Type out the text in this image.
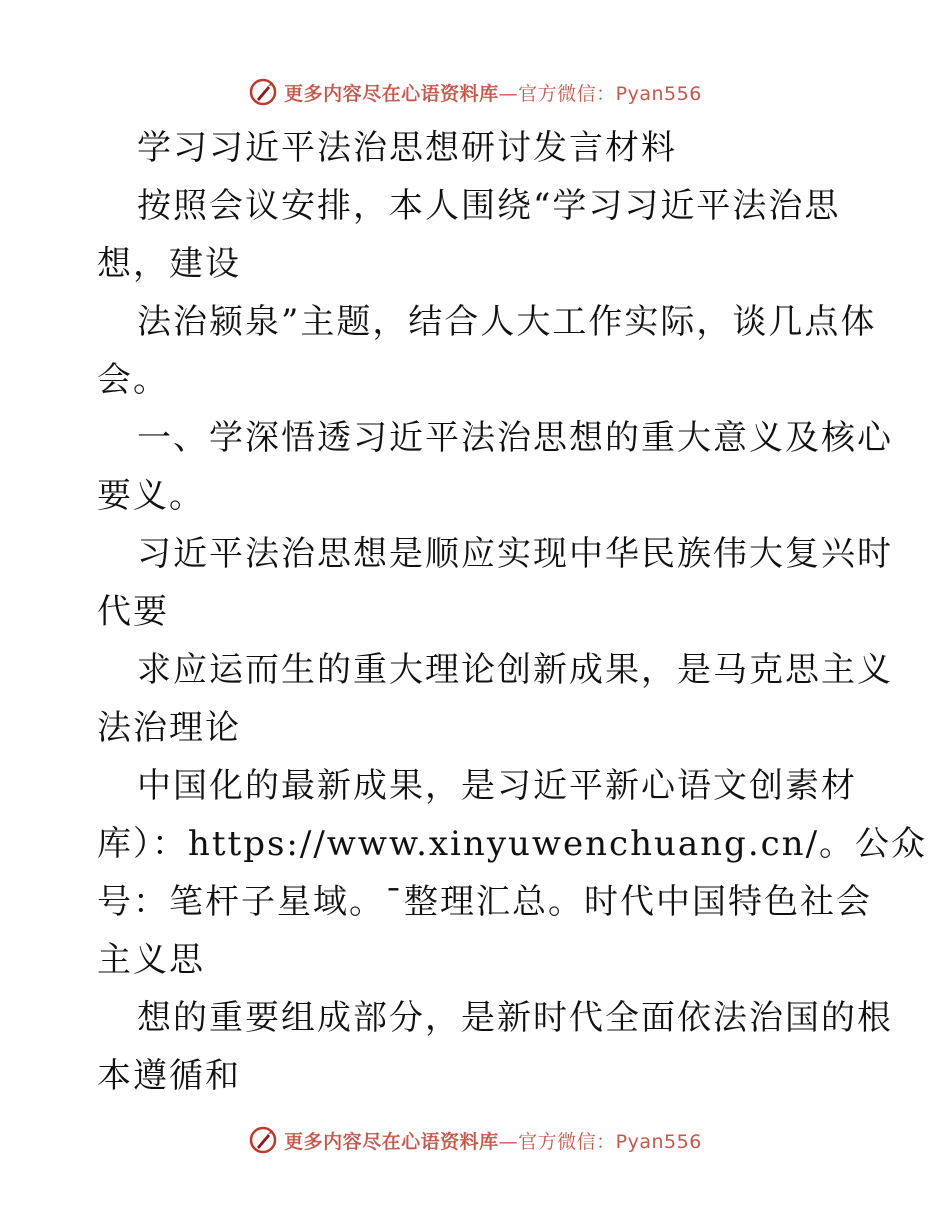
更多内容尽在心语资料库—官方微信：Pyan556
学习习近平法治思想研讨发言材料
按照会议安排，本人围绕“学习习近平法治思
想，建设
法治颍泉”主题，结合人大工作实际，谈几点体
会。
一、学深悟透习近平法治思想的重大意义及核心
要义。
习近平法治思想是顺应实现中华民族伟大复兴时
代要
求应运而生的重大理论创新成果，是马克思主义
法治理论
中国化的最新成果，是习近平新心语文创素材
库）：https://www.xinyuwenchuang.cn/。公众
号：笔杆子星域。¯整理汇总。时代中国特色社会
主义思
想的重要组成部分，是新时代全面依法治国的根
本遵循和
更多内容尽在心语资料库—官方微信：Pyan556
